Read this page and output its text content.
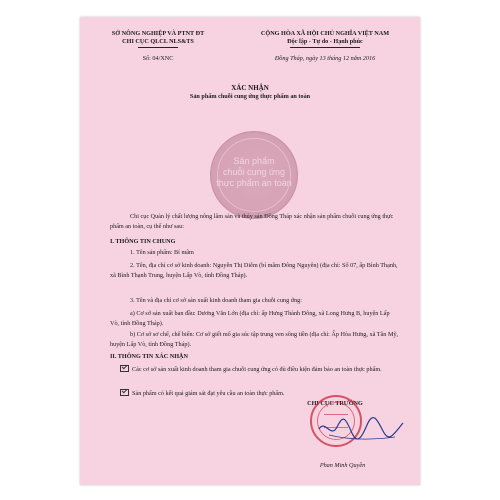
SỞ NÔNG NGHIỆP VÀ PTNT ĐT
CHI CỤC QLCL NLS&TS
Số: 04/XNC
CỘNG HÒA XÃ HỘI CHỦ NGHĨA VIỆT NAM
Độc lập - Tự do - Hạnh phúc
Đồng Tháp, ngày 13 tháng 12 năm 2016
XÁC NHẬN
Sản phẩm chuỗi cung ứng thực phẩm an toàn
Sản phẩm
chuỗi cung ứng
thực phẩm an toàn
Chi cục Quản lý chất lượng nông lâm sản và thủy sản Đồng Tháp xác nhận sản phẩm chuỗi cung ứng thực phẩm an toàn, cụ thể như sau:
I. THÔNG TIN CHUNG
1. Tên sản phẩm: Bí mâm
2. Tên, địa chỉ cơ sở kinh doanh: Nguyễn Thị Diễm (bí mâm Đông Nguyên) (địa chỉ: Số 07, ấp Bình Thạnh, xã Bình Thạnh Trung, huyện Lấp Vò, tỉnh Đồng Tháp).
3. Tên và địa chỉ cơ sở sản xuất kinh doanh tham gia chuỗi cung ứng:
a) Cơ sở sản xuất ban đầu: Dương Văn Lớn (địa chỉ: ấp Hưng Thành Đông, xã Long Hưng B, huyện Lấp Vò, tỉnh Đồng Tháp).
b) Cơ sở sơ chế, chế biến: Cơ sở giết mổ gia súc tập trung ven sông tiền (địa chỉ: Ấp Hòa Hưng, xã Tân Mỹ, huyện Lấp Vò, tỉnh Đồng Tháp).
II. THÔNG TIN XÁC NHẬN
Các cơ sở sản xuất kinh doanh tham gia chuỗi cung ứng có đủ điều kiện đảm bảo an toàn thực phẩm.
Sản phẩm có kết quả giám sát đạt yêu cầu an toàn thực phẩm.
CHI CỤC TRƯỞNG
Phan Minh Quyền
